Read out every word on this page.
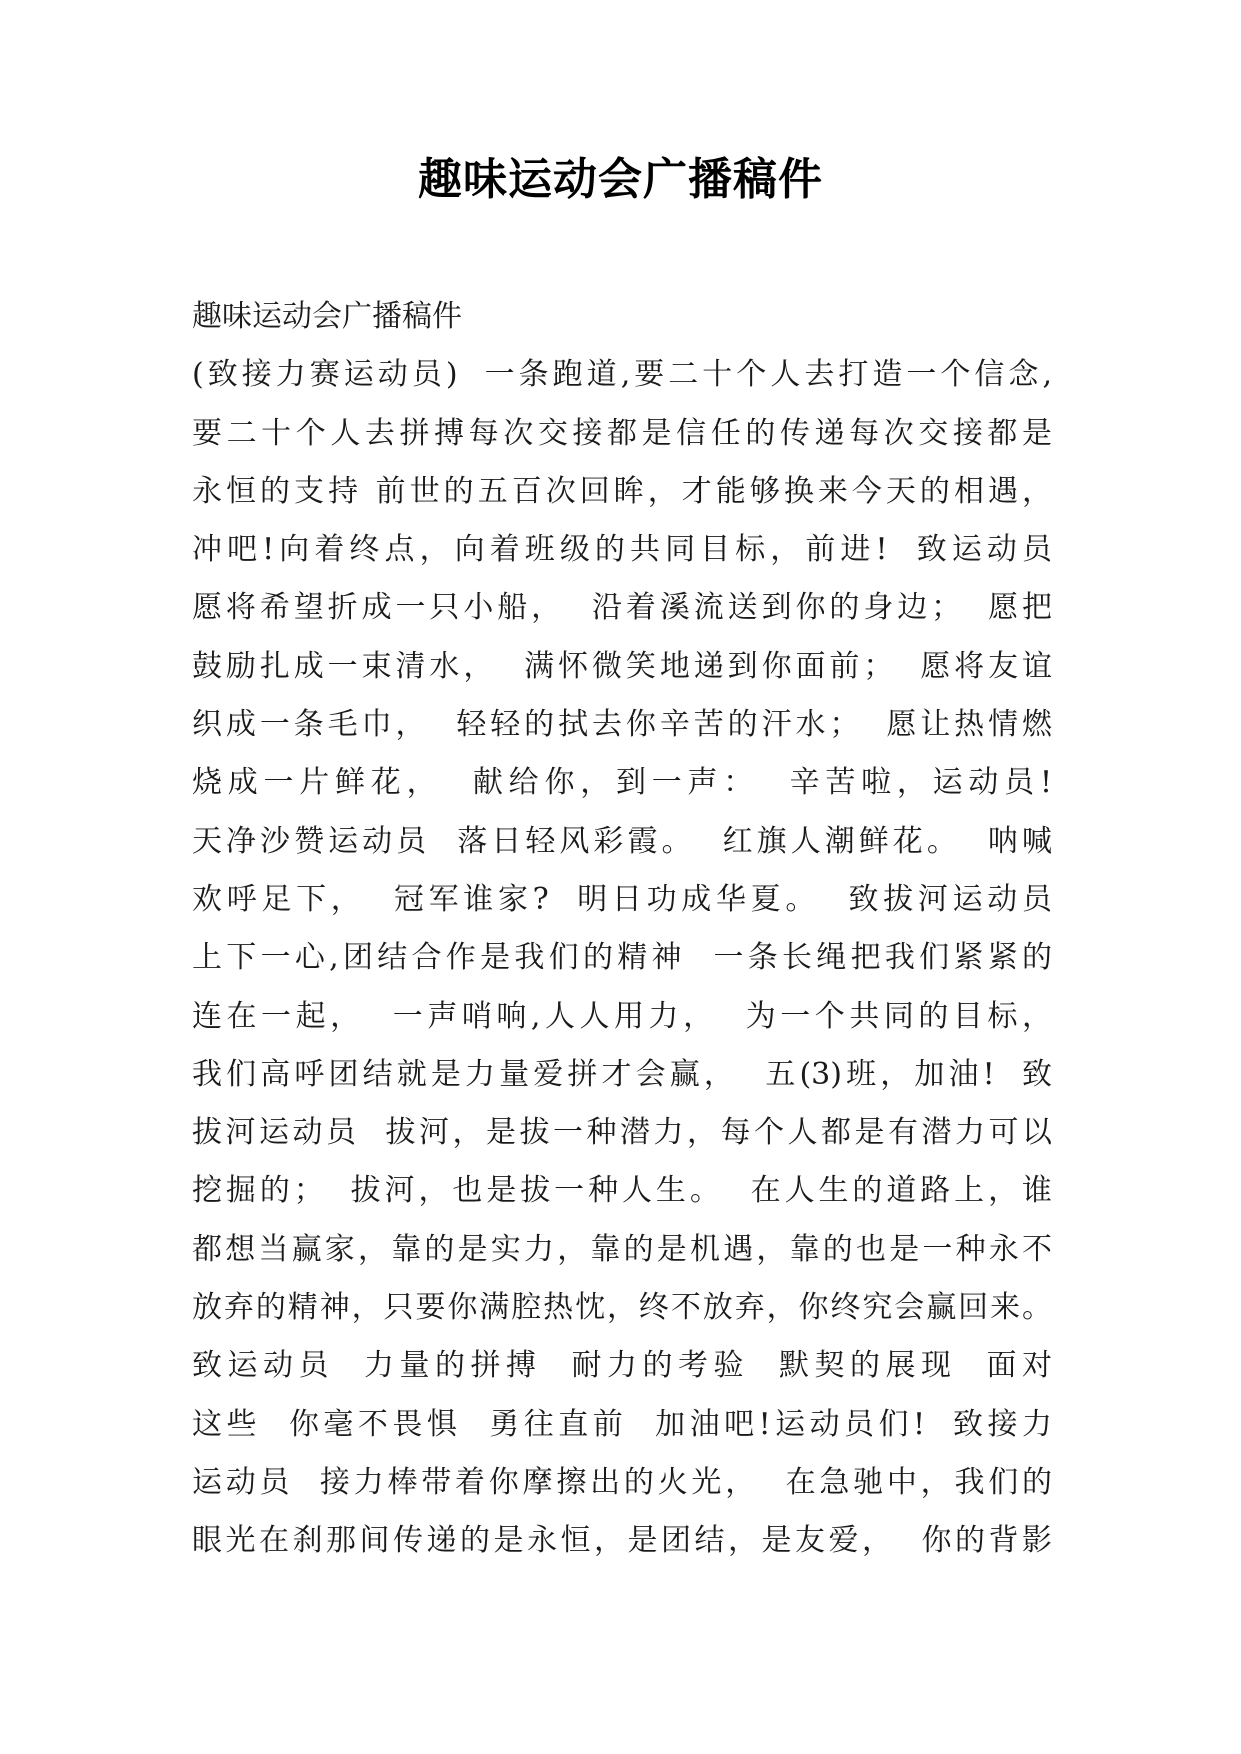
趣味运动会广播稿件
趣味运动会广播稿件
(致接力赛运动员)  一条跑道,要二十个人去打造一个信念,
要二十个人去拼搏每次交接都是信任的传递每次交接都是
永恒的支持 前世的五百次回眸，才能够换来今天的相遇，
冲吧!向着终点，向着班级的共同目标，前进!  致运动员
愿将希望折成一只小船，  沿着溪流送到你的身边；  愿把
鼓励扎成一束清水，  满怀微笑地递到你面前；  愿将友谊
织成一条毛巾，  轻轻的拭去你辛苦的汗水；  愿让热情燃
烧成一片鲜花，  献给你，到一声：  辛苦啦，运动员!
天净沙赞运动员  落日轻风彩霞。  红旗人潮鲜花。  呐喊
欢呼足下，  冠军谁家?  明日功成华夏。  致拔河运动员
上下一心,团结合作是我们的精神  一条长绳把我们紧紧的
连在一起，  一声哨响,人人用力，  为一个共同的目标，
我们高呼团结就是力量爱拼才会赢，  五(3)班，加油!  致
拔河运动员  拔河，是拔一种潜力，每个人都是有潜力可以
挖掘的；  拔河，也是拔一种人生。  在人生的道路上，谁
都想当赢家，靠的是实力，靠的是机遇，靠的也是一种永不
放弃的精神，只要你满腔热忱，终不放弃，你终究会赢回来。
致运动员  力量的拼搏  耐力的考验  默契的展现  面对
这些  你毫不畏惧  勇往直前  加油吧!运动员们!  致接力
运动员  接力棒带着你摩擦出的火光，  在急驰中，我们的
眼光在刹那间传递的是永恒，是团结，是友爱，  你的背影
